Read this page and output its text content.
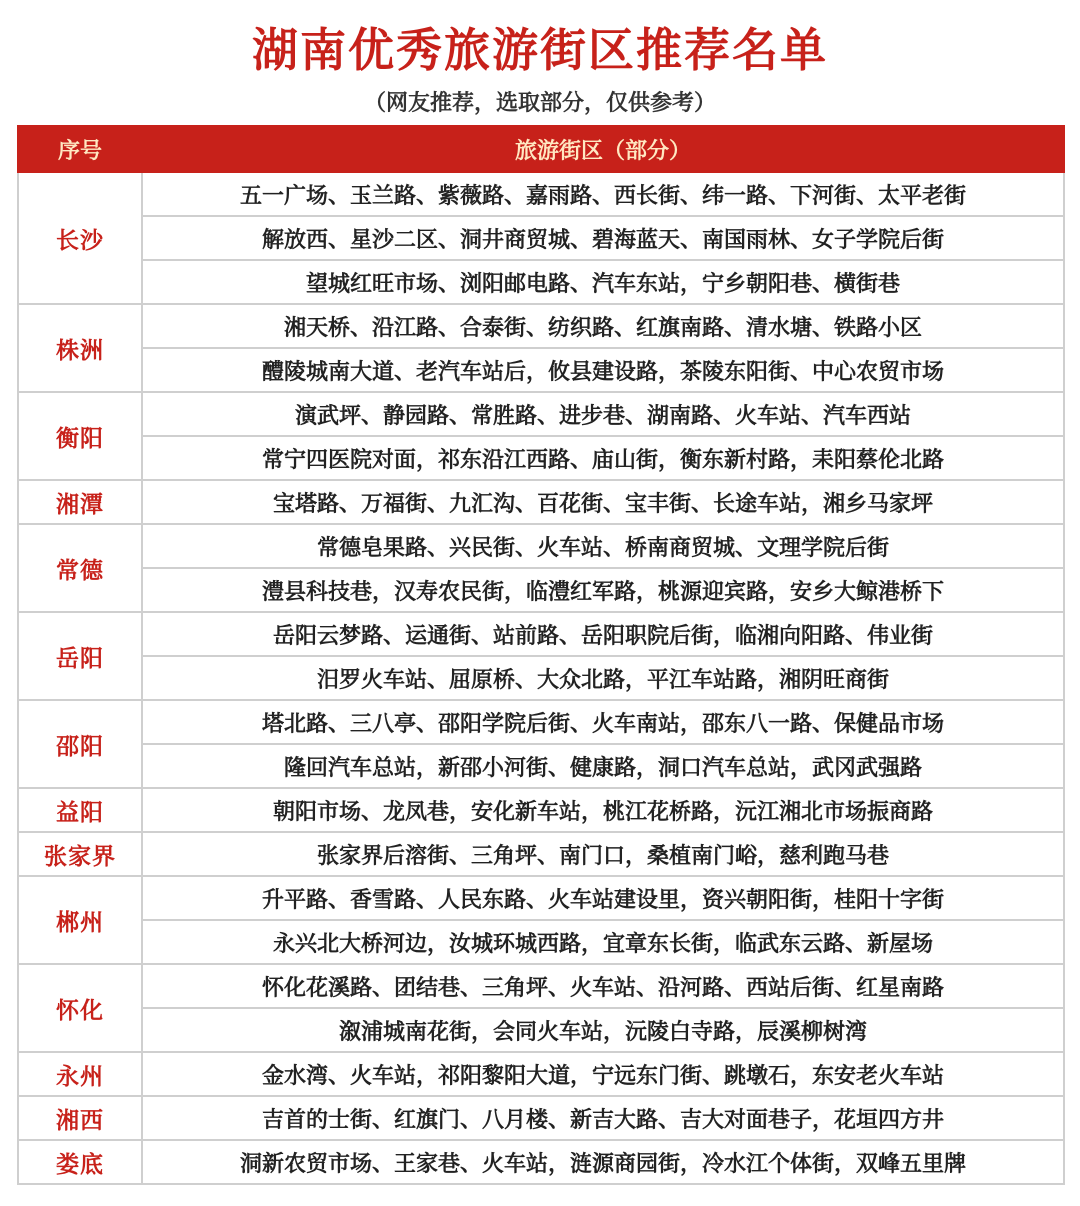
湖南优秀旅游街区推荐名单
（网友推荐，选取部分，仅供参考）
序号	旅游街区（部分）
长沙	五一广场、玉兰路、紫薇路、嘉雨路、西长街、纬一路、下河街、太平老街
	解放西、星沙二区、洞井商贸城、碧海蓝天、南国雨林、女子学院后街
	望城红旺市场、浏阳邮电路、汽车东站，宁乡朝阳巷、横街巷
株洲	湘天桥、沿江路、合泰街、纺织路、红旗南路、清水塘、铁路小区
	醴陵城南大道、老汽车站后，攸县建设路，茶陵东阳街、中心农贸市场
衡阳	演武坪、静园路、常胜路、进步巷、湖南路、火车站、汽车西站
	常宁四医院对面，祁东沿江西路、庙山街，衡东新村路，耒阳蔡伦北路
湘潭	宝塔路、万福街、九汇沟、百花街、宝丰街、长途车站，湘乡马家坪
常德	常德皂果路、兴民街、火车站、桥南商贸城、文理学院后街
	澧县科技巷，汉寿农民街，临澧红军路，桃源迎宾路，安乡大鲸港桥下
岳阳	岳阳云梦路、运通街、站前路、岳阳职院后街，临湘向阳路、伟业街
	汨罗火车站、屈原桥、大众北路，平江车站路，湘阴旺商街
邵阳	塔北路、三八亭、邵阳学院后街、火车南站，邵东八一路、保健品市场
	隆回汽车总站，新邵小河街、健康路，洞口汽车总站，武冈武强路
益阳	朝阳市场、龙凤巷，安化新车站，桃江花桥路，沅江湘北市场振商路
张家界	张家界后溶街、三角坪、南门口，桑植南门峪，慈利跑马巷
郴州	升平路、香雪路、人民东路、火车站建设里，资兴朝阳街，桂阳十字街
	永兴北大桥河边，汝城环城西路，宜章东长街，临武东云路、新屋场
怀化	怀化花溪路、团结巷、三角坪、火车站、沿河路、西站后街、红星南路
	溆浦城南花街，会同火车站，沅陵白寺路，辰溪柳树湾
永州	金水湾、火车站，祁阳黎阳大道，宁远东门街、跳墩石，东安老火车站
湘西	吉首的士街、红旗门、八月楼、新吉大路、吉大对面巷子，花垣四方井
娄底	洞新农贸市场、王家巷、火车站，涟源商园街，冷水江个体街，双峰五里牌
